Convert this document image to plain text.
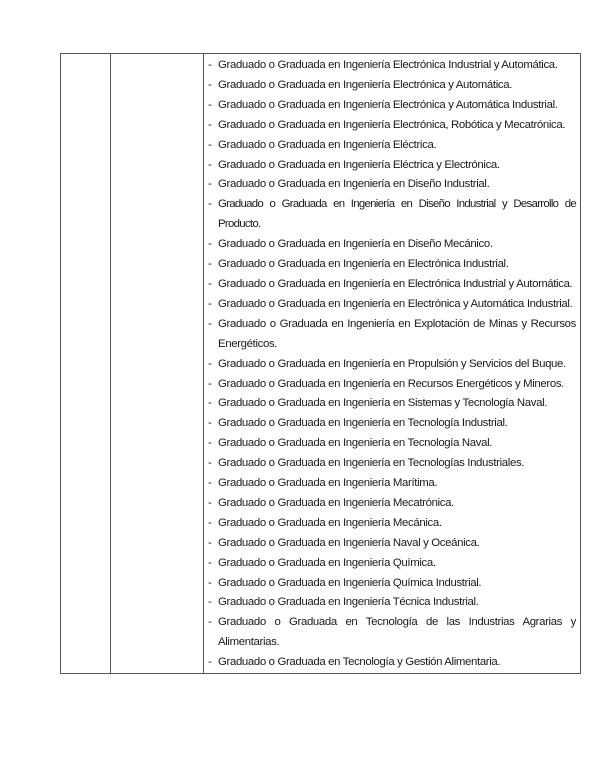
- Graduado o Graduada en Ingeniería Electrónica Industrial y Automática.
- Graduado o Graduada en Ingeniería Electrónica y Automática.
- Graduado o Graduada en Ingeniería Electrónica y Automática Industrial.
- Graduado o Graduada en Ingeniería Electrónica, Robótica y Mecatrónica.
- Graduado o Graduada en Ingeniería Eléctrica.
- Graduado o Graduada en Ingeniería Eléctrica y Electrónica.
- Graduado o Graduada en Ingeniería en Diseño Industrial.
- Graduado o Graduada en Ingeniería en Diseño Industrial y Desarrollo de Producto.
- Graduado o Graduada en Ingeniería en Diseño Mecánico.
- Graduado o Graduada en Ingeniería en Electrónica Industrial.
- Graduado o Graduada en Ingeniería en Electrónica Industrial y Automática.
- Graduado o Graduada en Ingeniería en Electrónica y Automática Industrial.
- Graduado o Graduada en Ingeniería en Explotación de Minas y Recursos Energéticos.
- Graduado o Graduada en Ingeniería en Propulsión y Servicios del Buque.
- Graduado o Graduada en Ingeniería en Recursos Energéticos y Mineros.
- Graduado o Graduada en Ingeniería en Sistemas y Tecnología Naval.
- Graduado o Graduada en Ingeniería en Tecnología Industrial.
- Graduado o Graduada en Ingeniería en Tecnología Naval.
- Graduado o Graduada en Ingeniería en Tecnologías Industriales.
- Graduado o Graduada en Ingeniería Marítima.
- Graduado o Graduada en Ingeniería Mecatrónica.
- Graduado o Graduada en Ingeniería Mecánica.
- Graduado o Graduada en Ingeniería Naval y Oceánica.
- Graduado o Graduada en Ingeniería Química.
- Graduado o Graduada en Ingeniería Química Industrial.
- Graduado o Graduada en Ingeniería Técnica Industrial.
- Graduado o Graduada en Tecnología de las Industrias Agrarias y Alimentarias.
- Graduado o Graduada en Tecnología y Gestión Alimentaria.
